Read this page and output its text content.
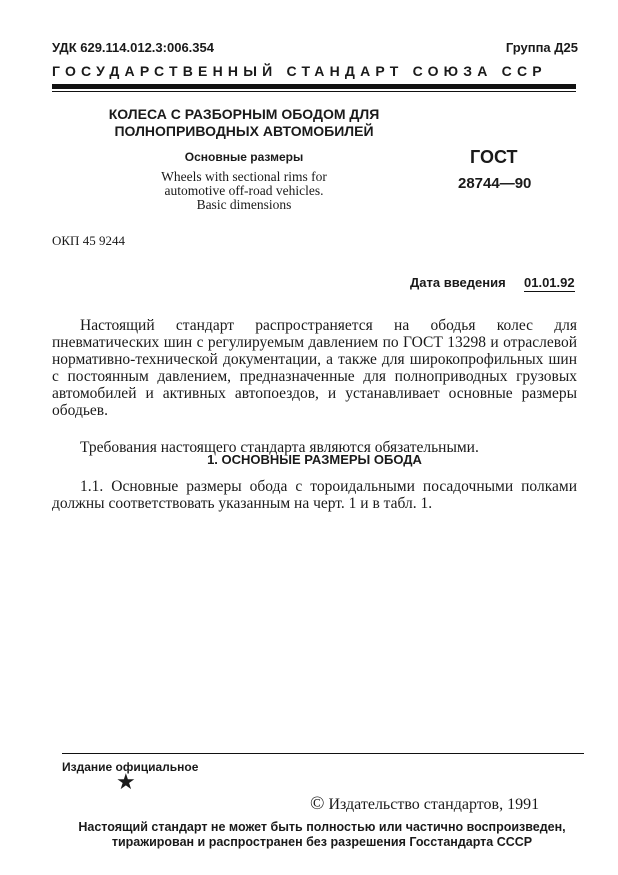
УДК 629.114.012.3:006.354	Группа Д25
ГОСУДАРСТВЕННЫЙ СТАНДАРТ СОЮЗА ССР
КОЛЕСА С РАЗБОРНЫМ ОБОДОМ ДЛЯ
ПОЛНОПРИВОДНЫХ АВТОМОБИЛЕЙ
Основные размеры
Wheels with sectional rims for
automotive off-road vehicles.
Basic dimensions
ГОСТ
28744—90
ОКП 45 9244
Дата введения 01.01.92
Настоящий стандарт распространяется на ободья колес для пневматических шин с регулируемым давлением по ГОСТ 13298 и отраслевой нормативно-технической документации, а также для широкопрофильных шин с постоянным давлением, предназначенные для полноприводных грузовых автомобилей и активных автопоездов, и устанавливает основные размеры ободьев.
Требования настоящего стандарта являются обязательными.
1. ОСНОВНЫЕ РАЗМЕРЫ ОБОДА
1.1. Основные размеры обода с тороидальными посадочными полками должны соответствовать указанным на черт. 1 и в табл. 1.
Издание официальное
★
© Издательство стандартов, 1991
Настоящий стандарт не может быть полностью или частично воспроизведен,
тиражирован и распространен без разрешения Госстандарта СССР
